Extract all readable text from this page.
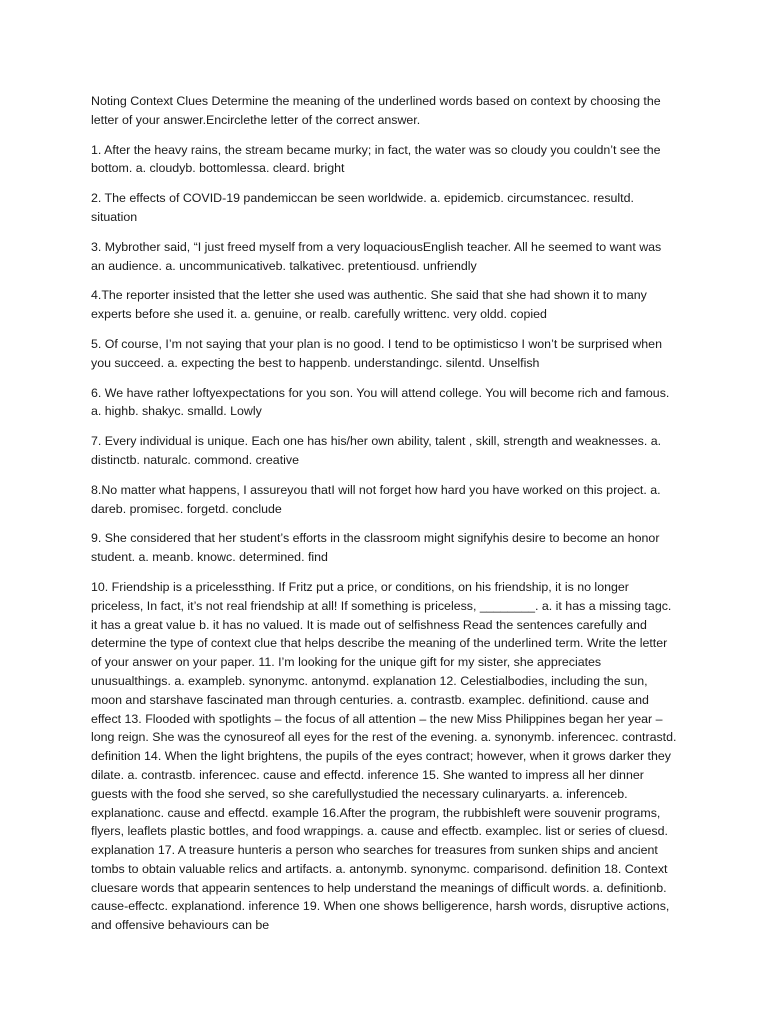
Noting Context Clues Determine the meaning of the underlined words based on context by choosing the letter of your answer.Encirclethe letter of the correct answer.

1. After the heavy rains, the stream became murky; in fact, the water was so cloudy you couldn’t see the bottom. a. cloudyb. bottomlessa. cleard. bright

2. The effects of COVID-19 pandemiccan be seen worldwide. a. epidemicb. circumstancec. resultd. situation

3. Mybrother said, “I just freed myself from a very loquaciousEnglish teacher. All he seemed to want was an audience. a. uncommunicativeb. talkativec. pretentiousd. unfriendly

4.The reporter insisted that the letter she used was authentic. She said that she had shown it to many experts before she used it. a. genuine, or realb. carefully writtenc. very oldd. copied

5. Of course, I’m not saying that your plan is no good. I tend to be optimisticso I won’t be surprised when you succeed. a. expecting the best to happenb. understandingc. silentd. Unselfish

6. We have rather loftyexpectations for you son. You will attend college. You will become rich and famous. a. highb. shakyc. smalld. Lowly

7. Every individual is unique. Each one has his/her own ability, talent , skill, strength and weaknesses. a. distinctb. naturalc. commond. creative

8.No matter what happens, I assureyou thatI will not forget how hard you have worked on this project. a. dareb. promisec. forgetd. conclude

9. She considered that her student’s efforts in the classroom might signifyhis desire to become an honor student. a. meanb. knowc. determined. find

10. Friendship is a pricelessthing. If Fritz put a price, or conditions, on his friendship, it is no longer priceless, In fact, it’s not real friendship at all! If something is priceless, ________. a. it has a missing tagc. it has a great value b. it has no valued. It is made out of selfishness Read the sentences carefully and determine the type of context clue that helps describe the meaning of the underlined term. Write the letter of your answer on your paper. 11. I’m looking for the unique gift for my sister, she appreciates unusualthings. a. exampleb. synonymc. antonymd. explanation 12. Celestialbodies, including the sun, moon and starshave fascinated man through centuries. a. contrastb. examplec. definitiond. cause and effect 13. Flooded with spotlights – the focus of all attention – the new Miss Philippines began her year – long reign. She was the cynosureof all eyes for the rest of the evening. a. synonymb. inferencec. contrastd. definition 14. When the light brightens, the pupils of the eyes contract; however, when it grows darker they dilate. a. contrastb. inferencec. cause and effectd. inference 15. She wanted to impress all her dinner guests with the food she served, so she carefullystudied the necessary culinaryarts. a. inferenceb. explanationc. cause and effectd. example 16.After the program, the rubbishleft were souvenir programs, flyers, leaflets plastic bottles, and food wrappings. a. cause and effectb. examplec. list or series of cluesd. explanation 17. A treasure hunteris a person who searches for treasures from sunken ships and ancient tombs to obtain valuable relics and artifacts. a. antonymb. synonymc. comparisond. definition 18. Context cluesare words that appearin sentences to help understand the meanings of difficult words. a. definitionb. cause-effectc. explanationd. inference 19. When one shows belligerence, harsh words, disruptive actions, and offensive behaviours can be
